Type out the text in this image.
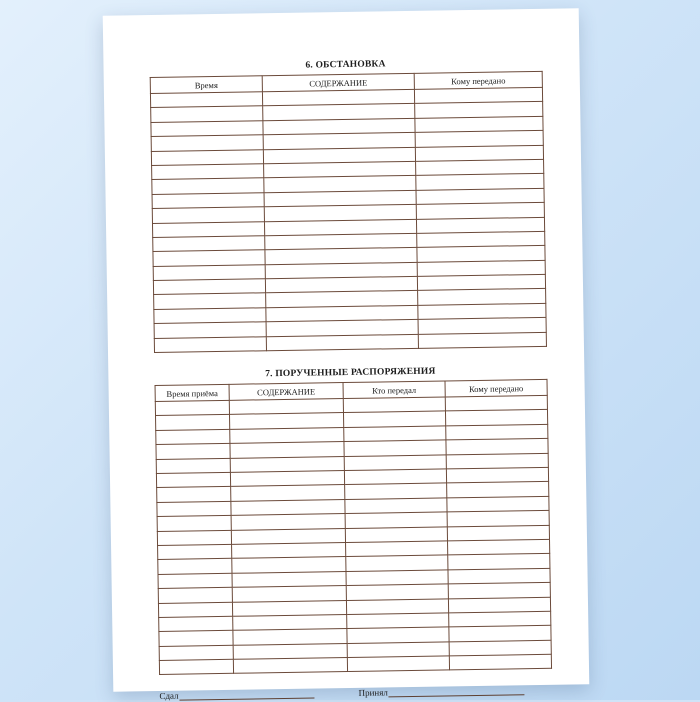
6. ОБСТАНОВКА
Время	СОДЕРЖАНИЕ	Кому передано

7. ПОРУЧЕННЫЕ РАСПОРЯЖЕНИЯ
Время приёма	СОДЕРЖАНИЕ	Кто передал	Кому передано

Сдал	Принял
